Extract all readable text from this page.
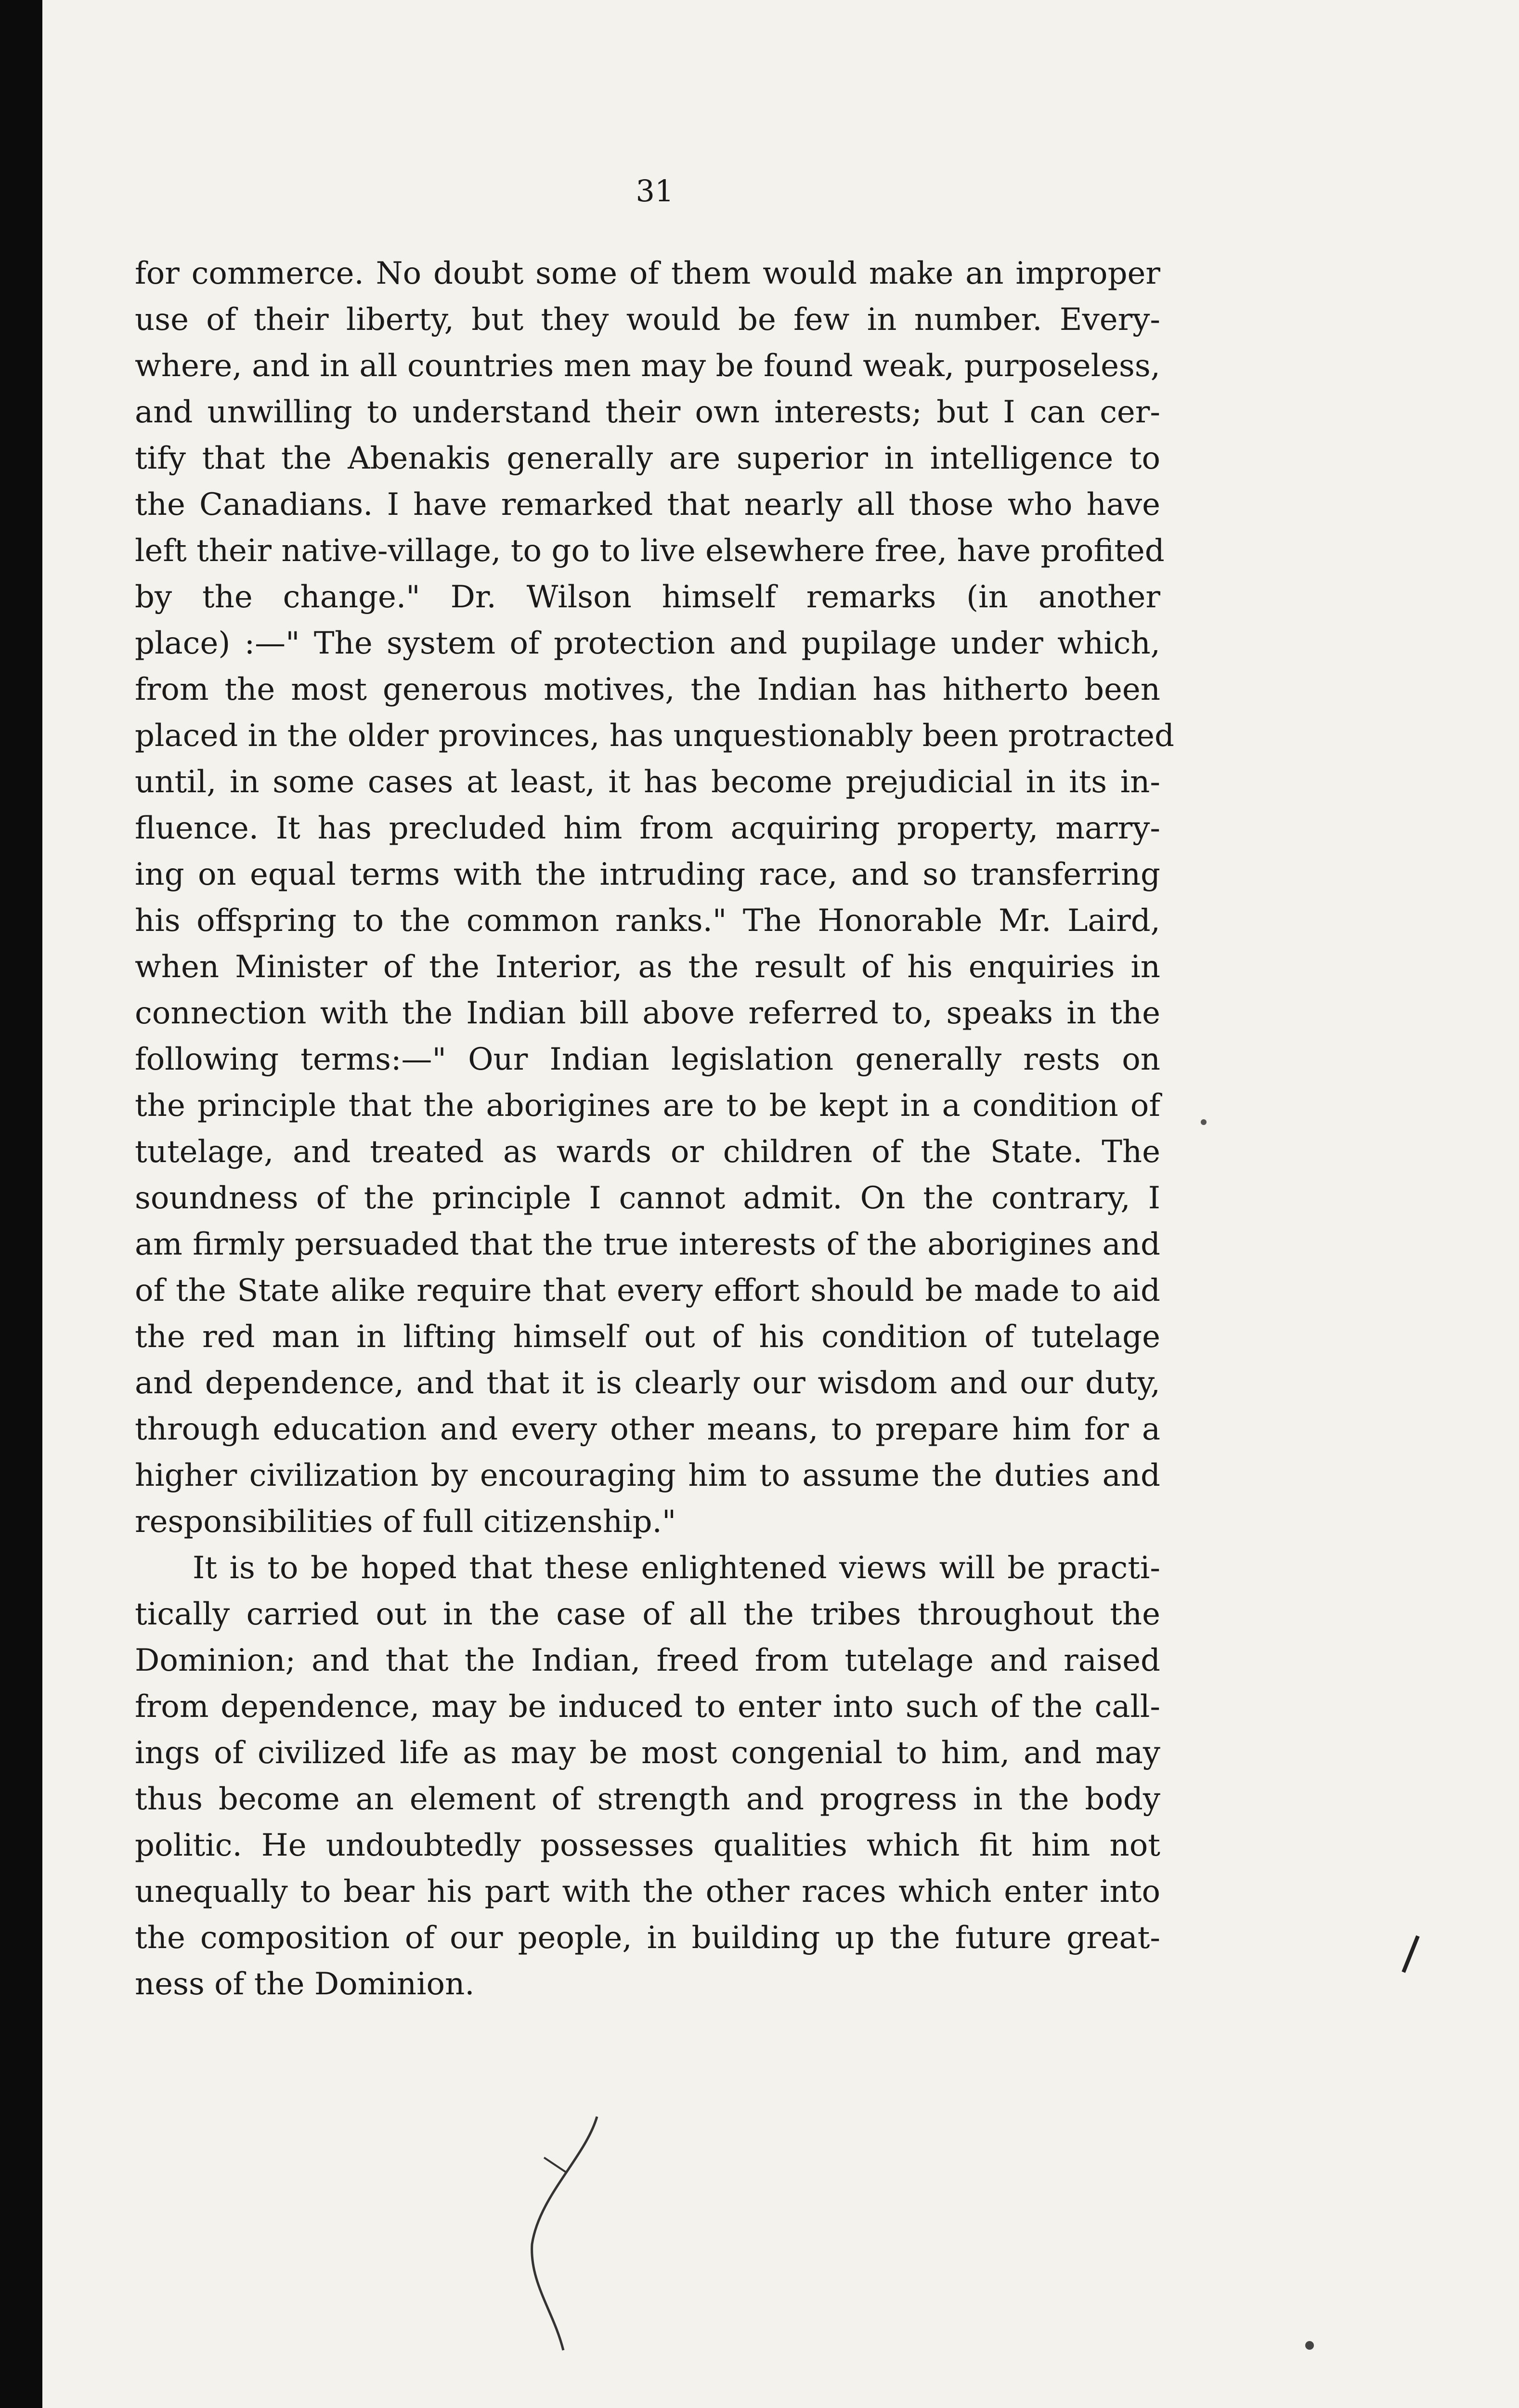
31
for commerce. No doubt some of them would make an improper
use of their liberty, but they would be few in number. Every-
where, and in all countries men may be found weak, purposeless,
and unwilling to understand their own interests; but I can cer-
tify that the Abenakis generally are superior in intelligence to
the Canadians. I have remarked that nearly all those who have
left their native-village, to go to live elsewhere free, have profited
by the change." Dr. Wilson himself remarks (in another
place) :—" The system of protection and pupilage under which,
from the most generous motives, the Indian has hitherto been
placed in the older provinces, has unquestionably been protracted
until, in some cases at least, it has become prejudicial in its in-
fluence. It has precluded him from acquiring property, marry-
ing on equal terms with the intruding race, and so transferring
his offspring to the common ranks." The Honorable Mr. Laird,
when Minister of the Interior, as the result of his enquiries in
connection with the Indian bill above referred to, speaks in the
following terms:—" Our Indian legislation generally rests on
the principle that the aborigines are to be kept in a condition of
tutelage, and treated as wards or children of the State. The
soundness of the principle I cannot admit. On the contrary, I
am firmly persuaded that the true interests of the aborigines and
of the State alike require that every effort should be made to aid
the red man in lifting himself out of his condition of tutelage
and dependence, and that it is clearly our wisdom and our duty,
through education and every other means, to prepare him for a
higher civilization by encouraging him to assume the duties and
responsibilities of full citizenship."
It is to be hoped that these enlightened views will be practi-
tically carried out in the case of all the tribes throughout the
Dominion; and that the Indian, freed from tutelage and raised
from dependence, may be induced to enter into such of the call-
ings of civilized life as may be most congenial to him, and may
thus become an element of strength and progress in the body
politic. He undoubtedly possesses qualities which fit him not
unequally to bear his part with the other races which enter into
the composition of our people, in building up the future great-
ness of the Dominion.
